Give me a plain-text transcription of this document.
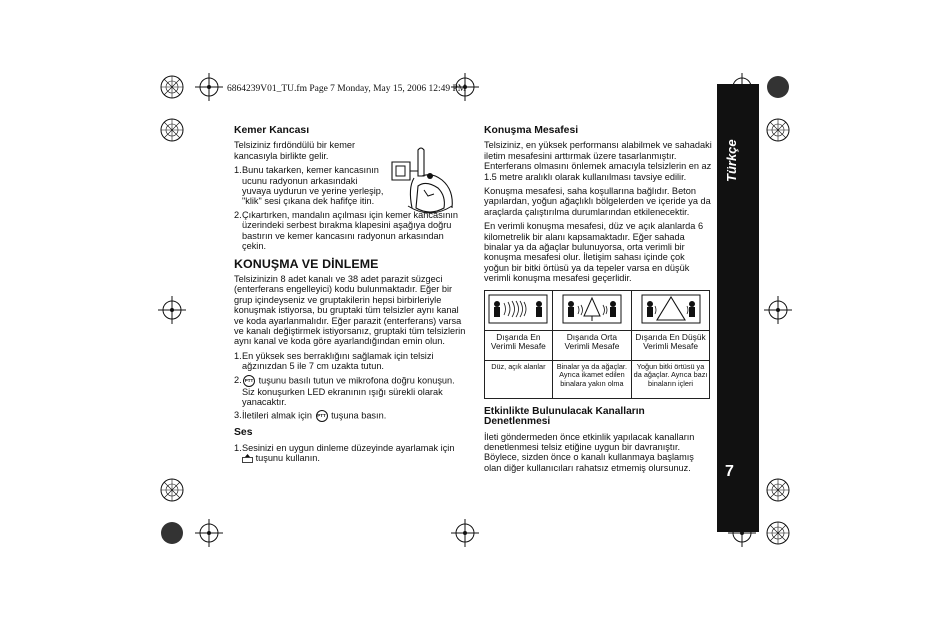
6864239V01_TU.fm Page 7 Monday, May 15, 2006 12:49 PM
Kemer Kancası

Telsiziniz fırdöndülü bir kemer kancasıyla birlikte gelir.

1. Bunu takarken, kemer kancasının ucunu radyonun arkasındaki yuvaya uydurun ve yerine yerleşip, "klik" sesi çıkana dek hafifçe itin.
2. Çıkartırken, mandalın açılması için kemer kancasının üzerindeki serbest bırakma klapesini aşağıya doğru bastırın ve kemer kancasını radyonun arkasından çekin.
KONUŞMA VE DİNLEME

Telsizinizin 8 adet kanalı ve 38 adet parazit süzgeci (enterferans engelleyici) kodu bulunmaktadır. Eğer bir grup içindeyseniz ve gruptakilerin hepsi birbirleriyle konuşmak istiyorsa, bu gruptaki tüm telsizler aynı kanal ve koda ayarlanmalıdır. Eğer parazit (enterferans) varsa ve kanalı değiştirmek istiyorsanız, gruptaki tüm telsizlerin aynı kanal ve koda göre ayarlandığından emin olun.

1. En yüksek ses berraklığını sağlamak için telsizi ağzınızdan 5 ile 7 cm uzakta tutun.
2. PTT tuşunu basılı tutun ve mikrofona doğru konuşun. Siz konuşurken LED ekranının ışığı sürekli olarak yanacaktır.
3. İletileri almak için PTT tuşuna basın.
Ses
1. Sesinizi en uygun dinleme düzeyinde ayarlamak için
tuşunu kullanın.
Konuşma Mesafesi

Telsiziniz, en yüksek performansı alabilmek ve sahadaki iletim mesafesini arttırmak üzere tasarlanmıştır. Enterferans olmasını önlemek amacıyla telsizlerin en az 1.5 metre aralıklı olarak kullanılması tavsiye edilir.

Konuşma mesafesi, saha koşullarına bağlıdır. Beton yapılardan, yoğun ağaçlıklı bölgelerden ve içeride ya da araçlarda çalıştırılma durumlarından etkilenecektir.

En verimli konuşma mesafesi, düz ve açık alanlarda 6 kilometrelik bir alanı kapsamaktadır. Eğer sahada binalar ya da ağaçlar bulunuyorsa, orta verimli bir konuşma mesafesi olur. İletişim sahası içinde çok yoğun bir bitki örtüsü ya da tepeler varsa en düşük verimli konuşma mesafesi geçerlidir.

Dışarıda En Verimli Mesafe	Dışarıda Orta Verimli Mesafe	Dışarıda En Düşük Verimli Mesafe
Düz, açık alanlar	Binalar ya da ağaçlar. Ayrıca ikamet edilen binalara yakın olma	Yoğun bitki örtüsü ya da ağaçlar. Ayrıca bazı binaların içleri
Etkinlikte Bulunulacak Kanalların Denetlenmesi

İleti göndermeden önce etkinlik yapılacak kanalların denetlenmesi telsiz etiğine uygun bir davranıştır. Böylece, sizden önce o kanalı kullanmaya başlamış olan diğer kullanıcıları rahatsız etmemiş olursunuz.

Türkçe
7
